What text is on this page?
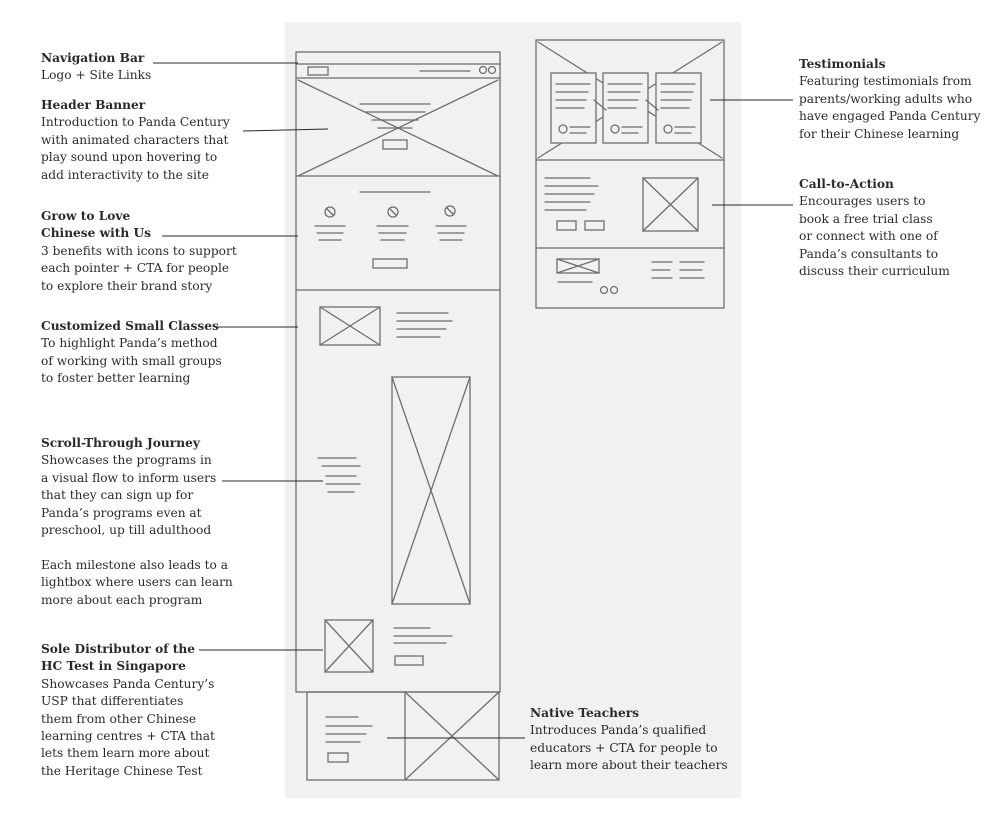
Navigation Bar
Logo + Site Links
Header Banner
Introduction to Panda Century
with animated characters that
play sound upon hovering to
add interactivity to the site
Grow to Love
Chinese with Us
3 benefits with icons to support
each pointer + CTA for people
to explore their brand story
Customized Small Classes
To highlight Panda’s method
of working with small groups
to foster better learning
Scroll-Through Journey
Showcases the programs in
a visual flow to inform users
that they can sign up for
Panda’s programs even at
preschool, up till adulthood

Each milestone also leads to a
lightbox where users can learn
more about each program
Sole Distributor of the
HC Test in Singapore
Showcases Panda Century’s
USP that differentiates
them from other Chinese
learning centres + CTA that
lets them learn more about
the Heritage Chinese Test
Native Teachers
Introduces Panda’s qualified
educators + CTA for people to
learn more about their teachers
Testimonials
Featuring testimonials from
parents/working adults who
have engaged Panda Century
for their Chinese learning
Call-to-Action
Encourages users to
book a free trial class
or connect with one of
Panda’s consultants to
discuss their curriculum
